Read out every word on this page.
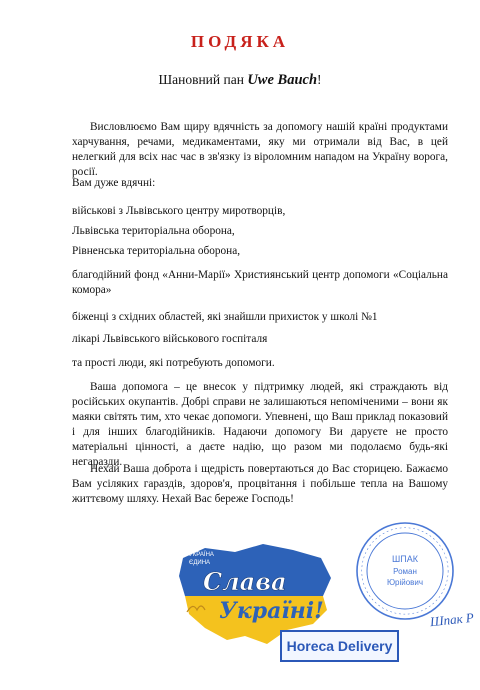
ПОДЯКА
Шановний пан Uwe Bauch!

Висловлюємо Вам щиру вдячність за допомогу нашій країні продуктами харчування, речами, медикаментами, яку ми отримали від Вас, в цей нелегкий для всіх нас час в зв'язку із віроломним нападом на Україну ворога, росії.

Вам дуже вдячні:
військові з Львівського центру миротворців,
Львівська територіальна оборона,
Рівненська територіальна оборона,
благодійний фонд «Анни-Марії» Християнський центр допомоги «Соціальна комора»
біженці з східних областей, які знайшли прихисток у школі №1
лікарі Львівського військового госпіталя
та прості люди, які потребують допомоги.
Ваша допомога – це внесок у підтримку людей, які страждають від російських окупантів. Добрі справи не залишаються непоміченими – вони як маяки світять тим, хто чекає допомоги. Упевнені, що Ваш приклад показовий і для інших благодійників. Надаючи допомогу Ви даруєте не просто матеріальні цінності, а даєте надію, що разом ми подолаємо будь-які негаразди.
Нехай Ваша доброта і щедрість повертаються до Вас сторицею. Бажаємо Вам усіляких гараздів, здоров'я, процвітання і побільше тепла на Вашому життєвому шляху. Нехай Вас береже Господь!
УКРАЇНА
ЄДИНА
Слава
Україні!
Horeca Delivery
ШПАК
Роман
Юрійович
Шпак Р
